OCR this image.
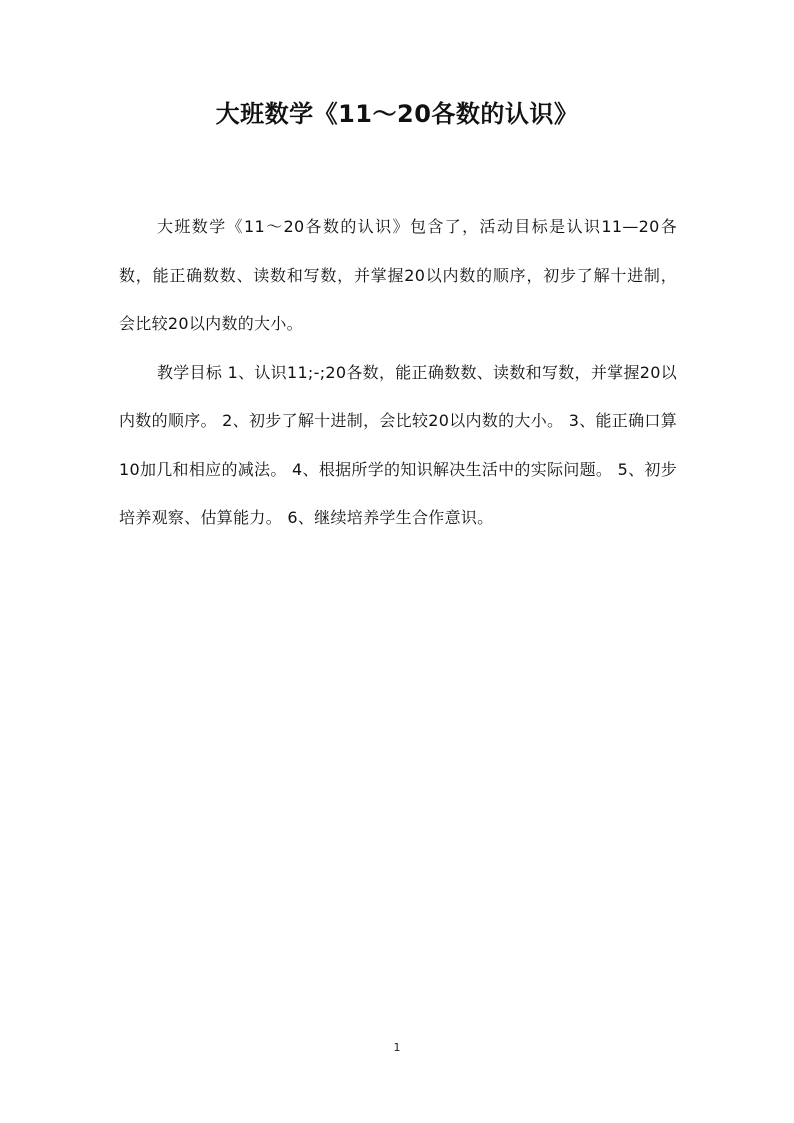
大班数学《11～20各数的认识》

大班数学《11～20各数的认识》包含了，活动目标是认识11—20各数，能正确数数、读数和写数，并掌握20以内数的顺序，初步了解十进制，会比较20以内数的大小。

教学目标 1、认识11;-;20各数，能正确数数、读数和写数，并掌握20以内数的顺序。 2、初步了解十进制，会比较20以内数的大小。 3、能正确口算10加几和相应的减法。 4、根据所学的知识解决生活中的实际问题。 5、初步培养观察、估算能力。 6、继续培养学生合作意识。

1
